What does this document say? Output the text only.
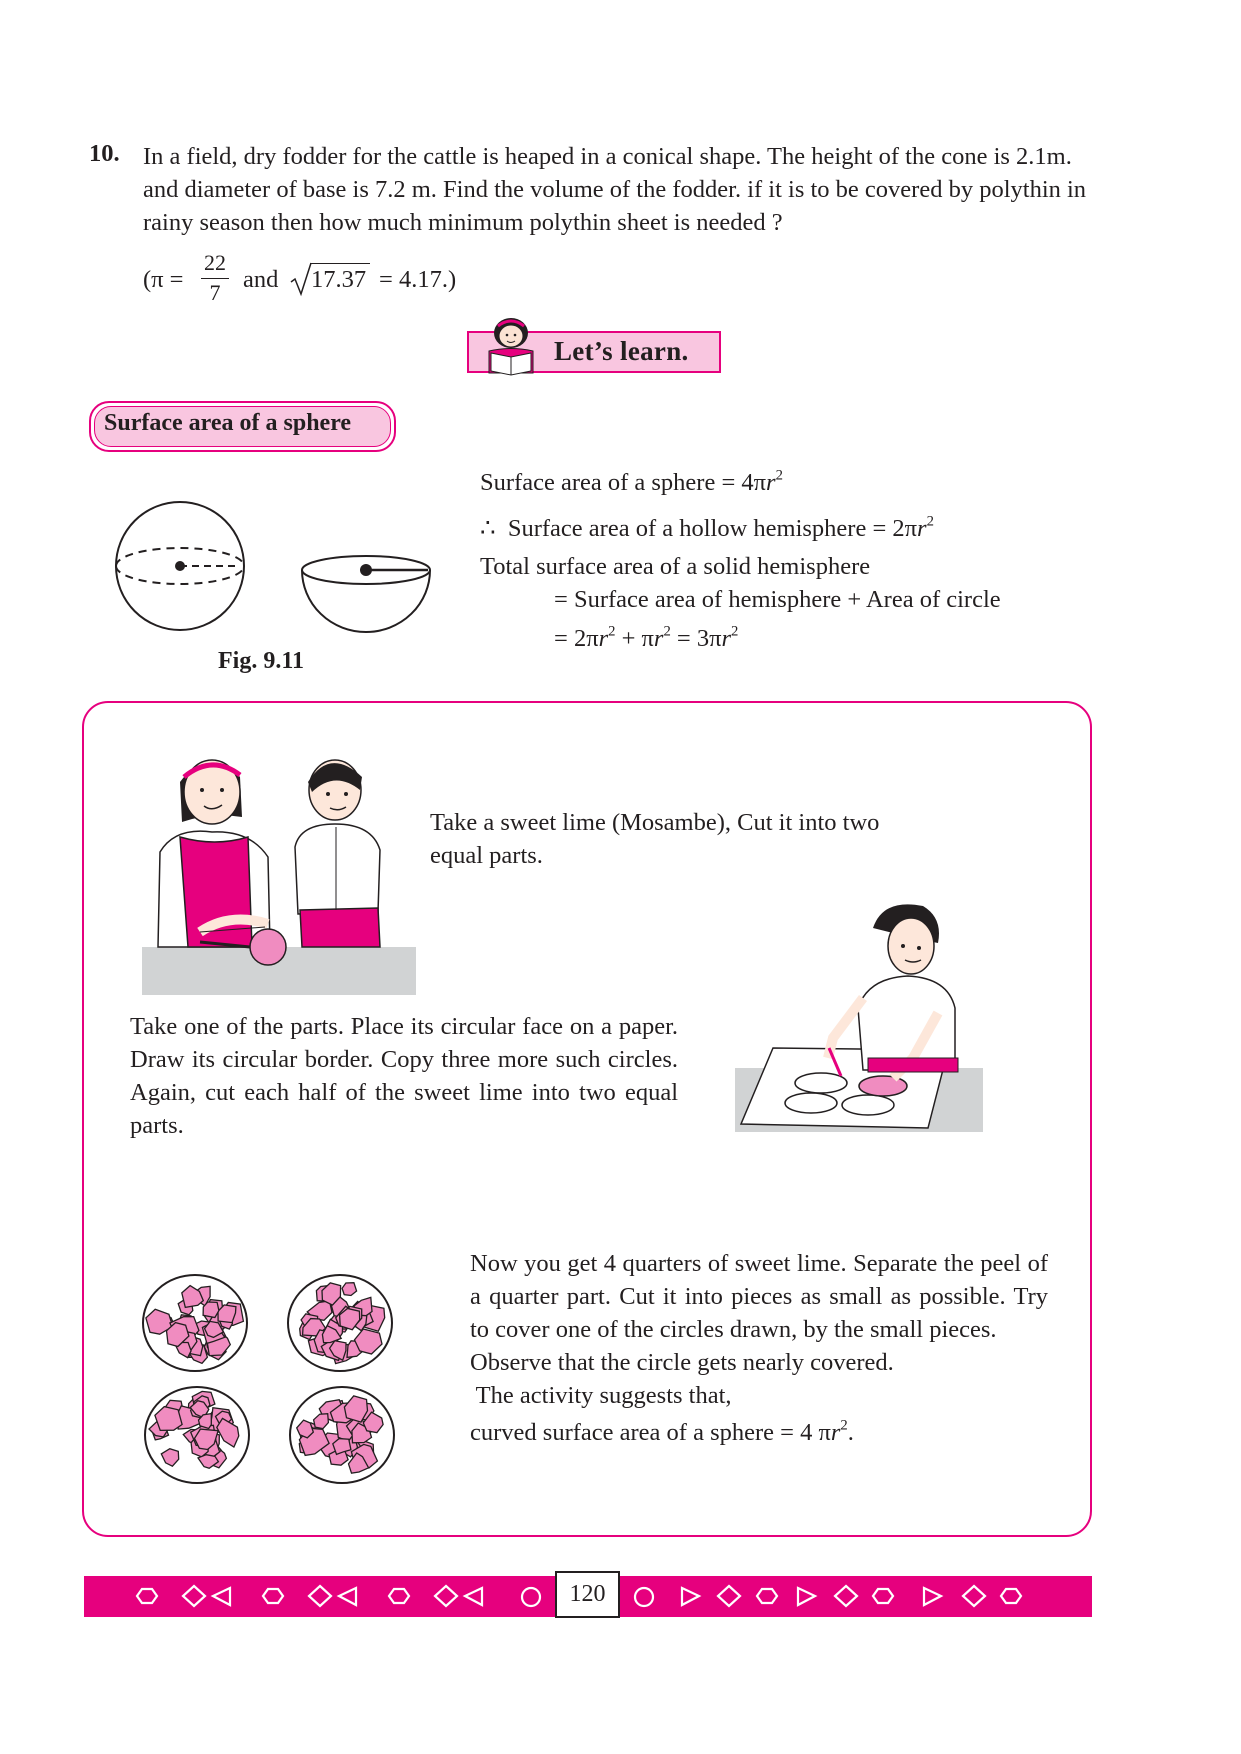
10. In a field, dry fodder for the cattle is heaped in a conical shape. The height of the cone is 2.1m. and diameter of base is 7.2 m. Find the volume of the fodder. if it is to be covered by polythin in rainy season then how much minimum polythin sheet is needed ?
(π =
22
7 and 17.37 = 4.17.)
Let’s learn.
Surface area of a sphere
Fig. 9.11
Surface area of a sphere = $4\pi r^2$
∴ Surface area of a hollow hemisphere = $2\pi r^2$
Total surface area of a solid hemisphere
= Surface area of hemisphere + Area of circle
= $2\pi r^2 + \pi r^2 = 3\pi r^2$
Take a sweet lime (Mosambe), Cut it into two equal parts.
Take one of the parts. Place its circular face on a paper. Draw its circular border. Copy three more such circles. Again, cut each half of the sweet lime into two equal parts.
Now you get 4 quarters of sweet lime. Separate the peel of a quarter part. Cut it into pieces as small as possible. Try to cover one of the circles drawn, by the small pieces.
Observe that the circle gets nearly covered.
The activity suggests that,
curved surface area of a sphere = 4 $\pi r^2$.
120
